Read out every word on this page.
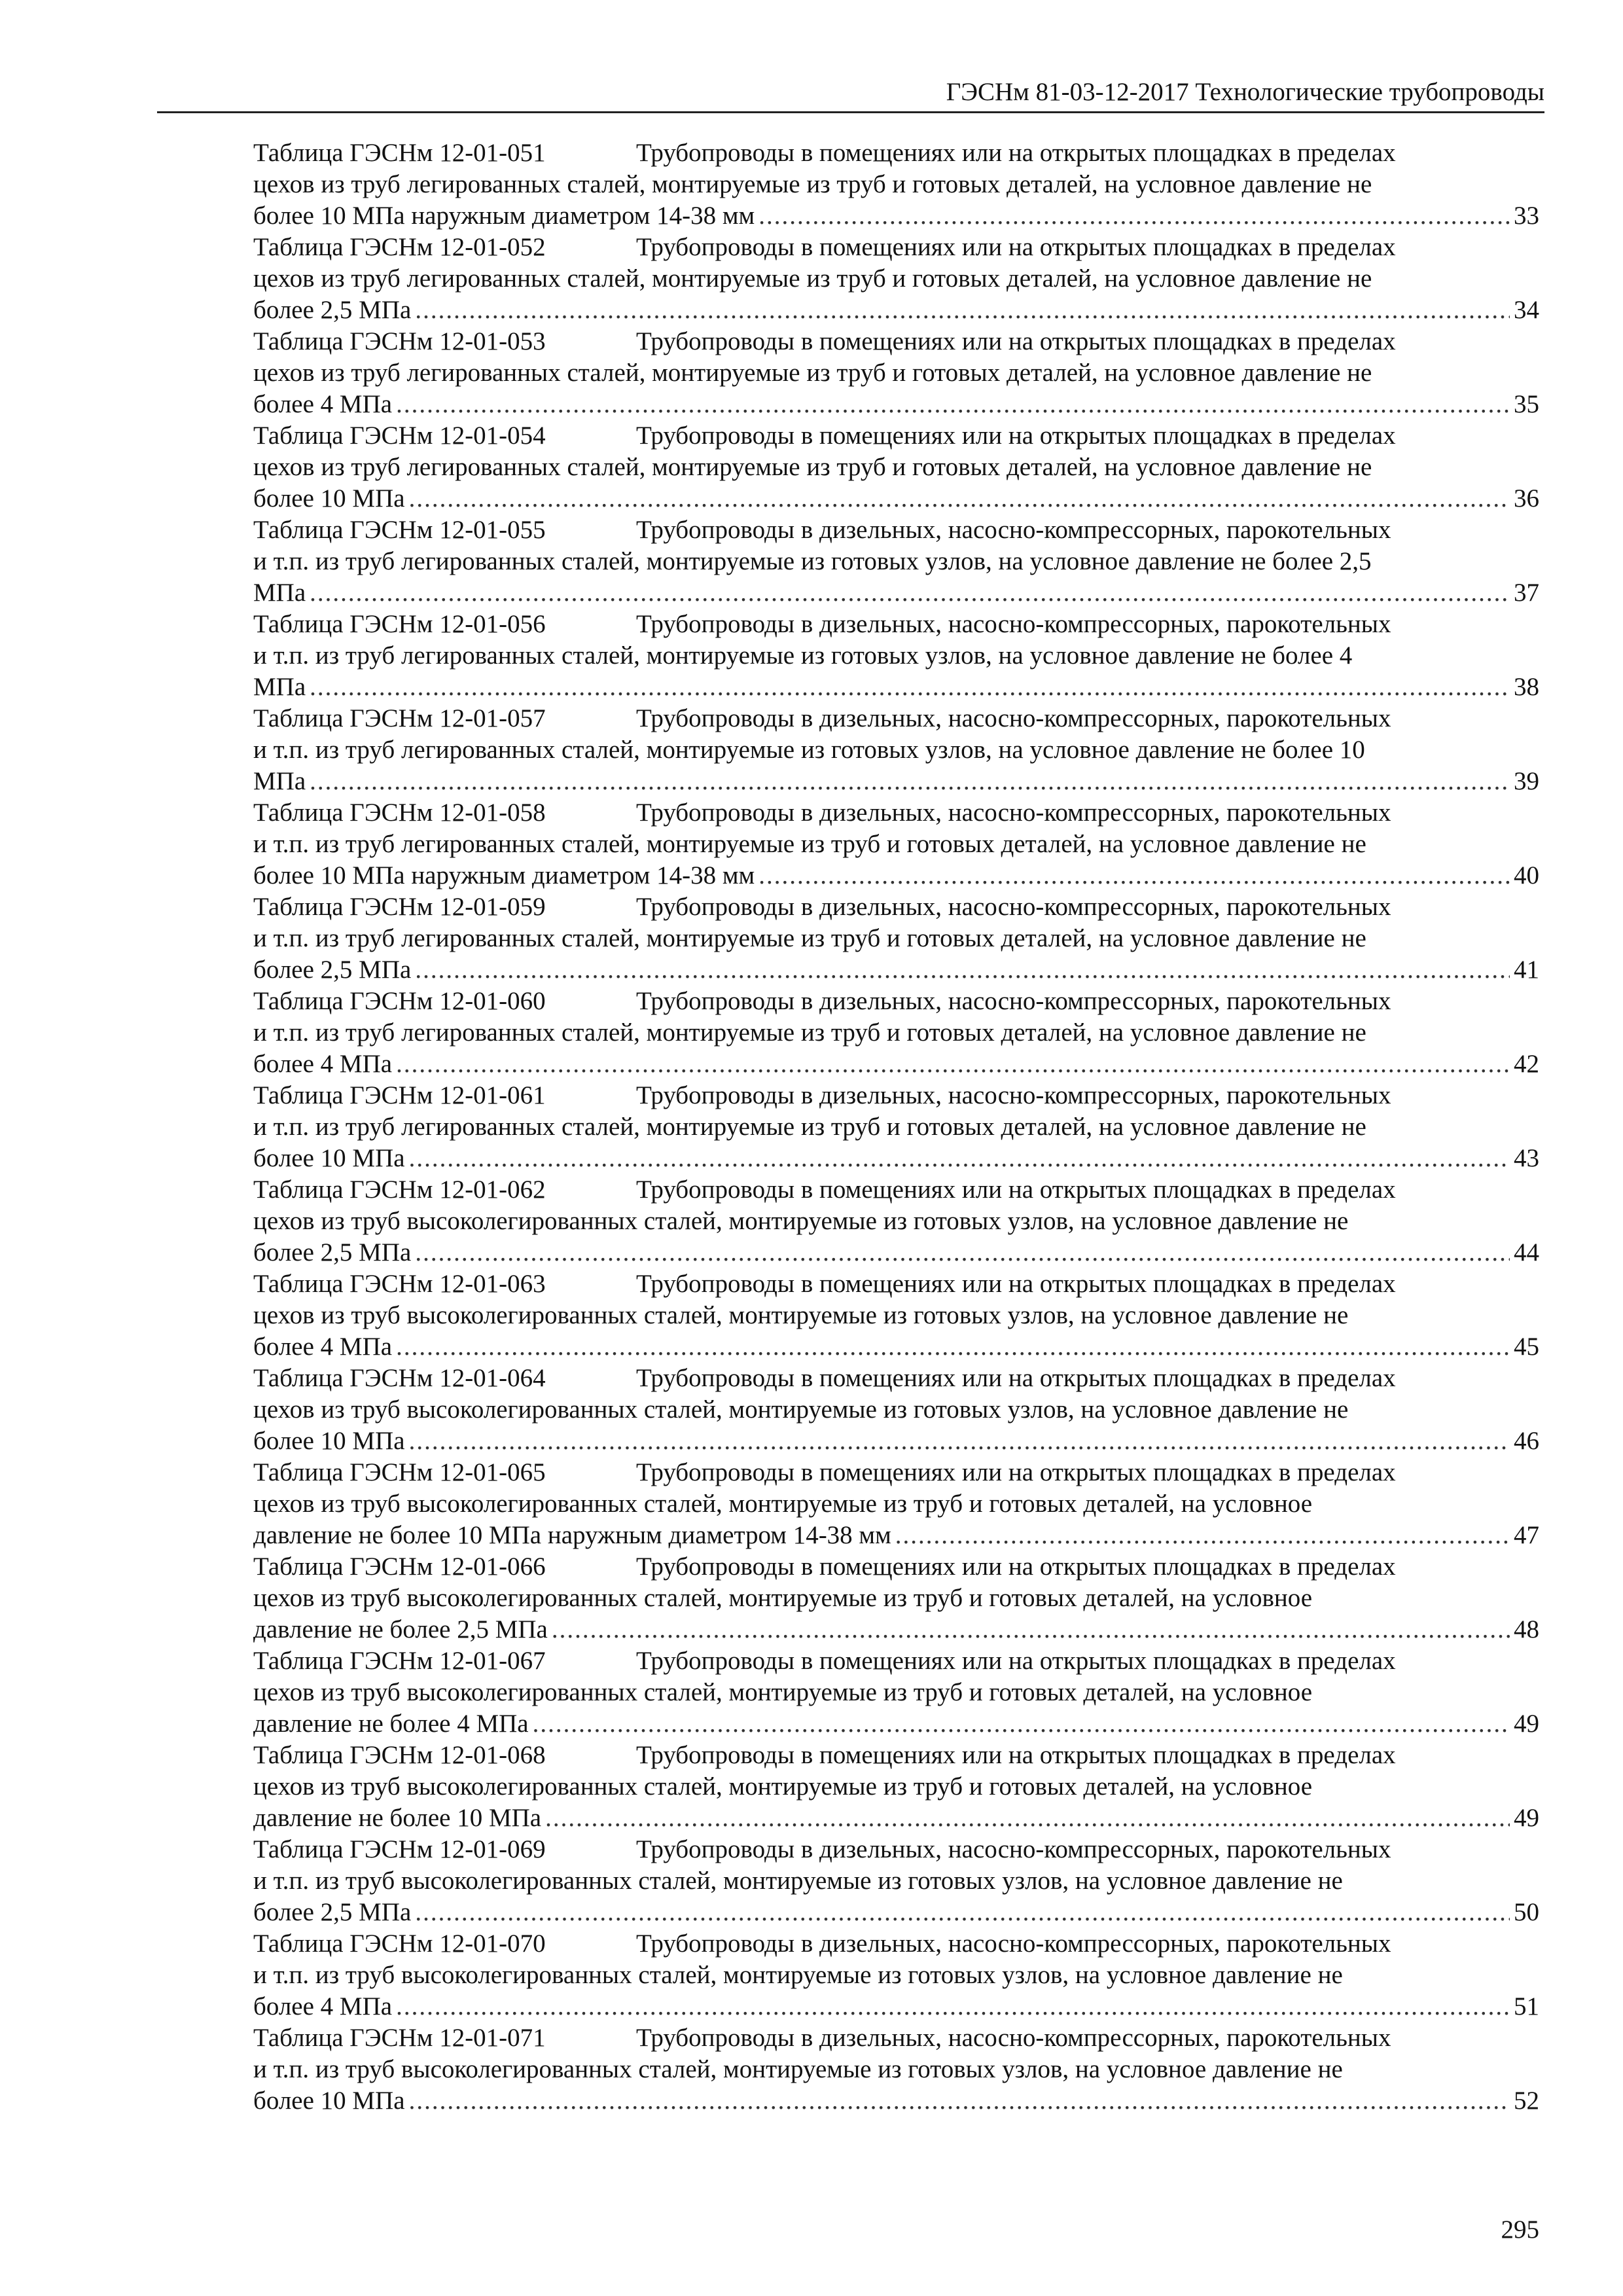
ГЭСНм 81-03-12-2017 Технологические трубопроводы
Таблица ГЭСНм 12-01-051	Трубопроводы в помещениях или на открытых площадках в пределах
цехов из труб легированных сталей, монтируемые из труб и готовых деталей, на условное давление не
более 10 МПа наружным диаметром 14-38 мм .....	33
Таблица ГЭСНм 12-01-052	Трубопроводы в помещениях или на открытых площадках в пределах
цехов из труб легированных сталей, монтируемые из труб и готовых деталей, на условное давление не
более 2,5 МПа .....	34
Таблица ГЭСНм 12-01-053	Трубопроводы в помещениях или на открытых площадках в пределах
цехов из труб легированных сталей, монтируемые из труб и готовых деталей, на условное давление не
более 4 МПа .....	35
Таблица ГЭСНм 12-01-054	Трубопроводы в помещениях или на открытых площадках в пределах
цехов из труб легированных сталей, монтируемые из труб и готовых деталей, на условное давление не
более 10 МПа .....	36
Таблица ГЭСНм 12-01-055	Трубопроводы в дизельных, насосно-компрессорных, парокотельных
и т.п. из труб легированных сталей, монтируемые из готовых узлов, на условное давление не более 2,5
МПа .....	37
Таблица ГЭСНм 12-01-056	Трубопроводы в дизельных, насосно-компрессорных, парокотельных
и т.п. из труб легированных сталей, монтируемые из готовых узлов, на условное давление не более 4
МПа .....	38
Таблица ГЭСНм 12-01-057	Трубопроводы в дизельных, насосно-компрессорных, парокотельных
и т.п. из труб легированных сталей, монтируемые из готовых узлов, на условное давление не более 10
МПа .....	39
Таблица ГЭСНм 12-01-058	Трубопроводы в дизельных, насосно-компрессорных, парокотельных
и т.п. из труб легированных сталей, монтируемые из труб и готовых деталей, на условное давление не
более 10 МПа наружным диаметром 14-38 мм .....	40
Таблица ГЭСНм 12-01-059	Трубопроводы в дизельных, насосно-компрессорных, парокотельных
и т.п. из труб легированных сталей, монтируемые из труб и готовых деталей, на условное давление не
более 2,5 МПа .....	41
Таблица ГЭСНм 12-01-060	Трубопроводы в дизельных, насосно-компрессорных, парокотельных
и т.п. из труб легированных сталей, монтируемые из труб и готовых деталей, на условное давление не
более 4 МПа .....	42
Таблица ГЭСНм 12-01-061	Трубопроводы в дизельных, насосно-компрессорных, парокотельных
и т.п. из труб легированных сталей, монтируемые из труб и готовых деталей, на условное давление не
более 10 МПа .....	43
Таблица ГЭСНм 12-01-062	Трубопроводы в помещениях или на открытых площадках в пределах
цехов из труб высоколегированных сталей, монтируемые из готовых узлов, на условное давление не
более 2,5 МПа .....	44
Таблица ГЭСНм 12-01-063	Трубопроводы в помещениях или на открытых площадках в пределах
цехов из труб высоколегированных сталей, монтируемые из готовых узлов, на условное давление не
более 4 МПа .....	45
Таблица ГЭСНм 12-01-064	Трубопроводы в помещениях или на открытых площадках в пределах
цехов из труб высоколегированных сталей, монтируемые из готовых узлов, на условное давление не
более 10 МПа .....	46
Таблица ГЭСНм 12-01-065	Трубопроводы в помещениях или на открытых площадках в пределах
цехов из труб высоколегированных сталей, монтируемые из труб и готовых деталей, на условное
давление не более 10 МПа наружным диаметром 14-38 мм .....	47
Таблица ГЭСНм 12-01-066	Трубопроводы в помещениях или на открытых площадках в пределах
цехов из труб высоколегированных сталей, монтируемые из труб и готовых деталей, на условное
давление не более 2,5 МПа .....	48
Таблица ГЭСНм 12-01-067	Трубопроводы в помещениях или на открытых площадках в пределах
цехов из труб высоколегированных сталей, монтируемые из труб и готовых деталей, на условное
давление не более 4 МПа .....	49
Таблица ГЭСНм 12-01-068	Трубопроводы в помещениях или на открытых площадках в пределах
цехов из труб высоколегированных сталей, монтируемые из труб и готовых деталей, на условное
давление не более 10 МПа .....	49
Таблица ГЭСНм 12-01-069	Трубопроводы в дизельных, насосно-компрессорных, парокотельных
и т.п. из труб высоколегированных сталей, монтируемые из готовых узлов, на условное давление не
более 2,5 МПа .....	50
Таблица ГЭСНм 12-01-070	Трубопроводы в дизельных, насосно-компрессорных, парокотельных
и т.п. из труб высоколегированных сталей, монтируемые из готовых узлов, на условное давление не
более 4 МПа .....	51
Таблица ГЭСНм 12-01-071	Трубопроводы в дизельных, насосно-компрессорных, парокотельных
и т.п. из труб высоколегированных сталей, монтируемые из готовых узлов, на условное давление не
более 10 МПа .....	52
295
